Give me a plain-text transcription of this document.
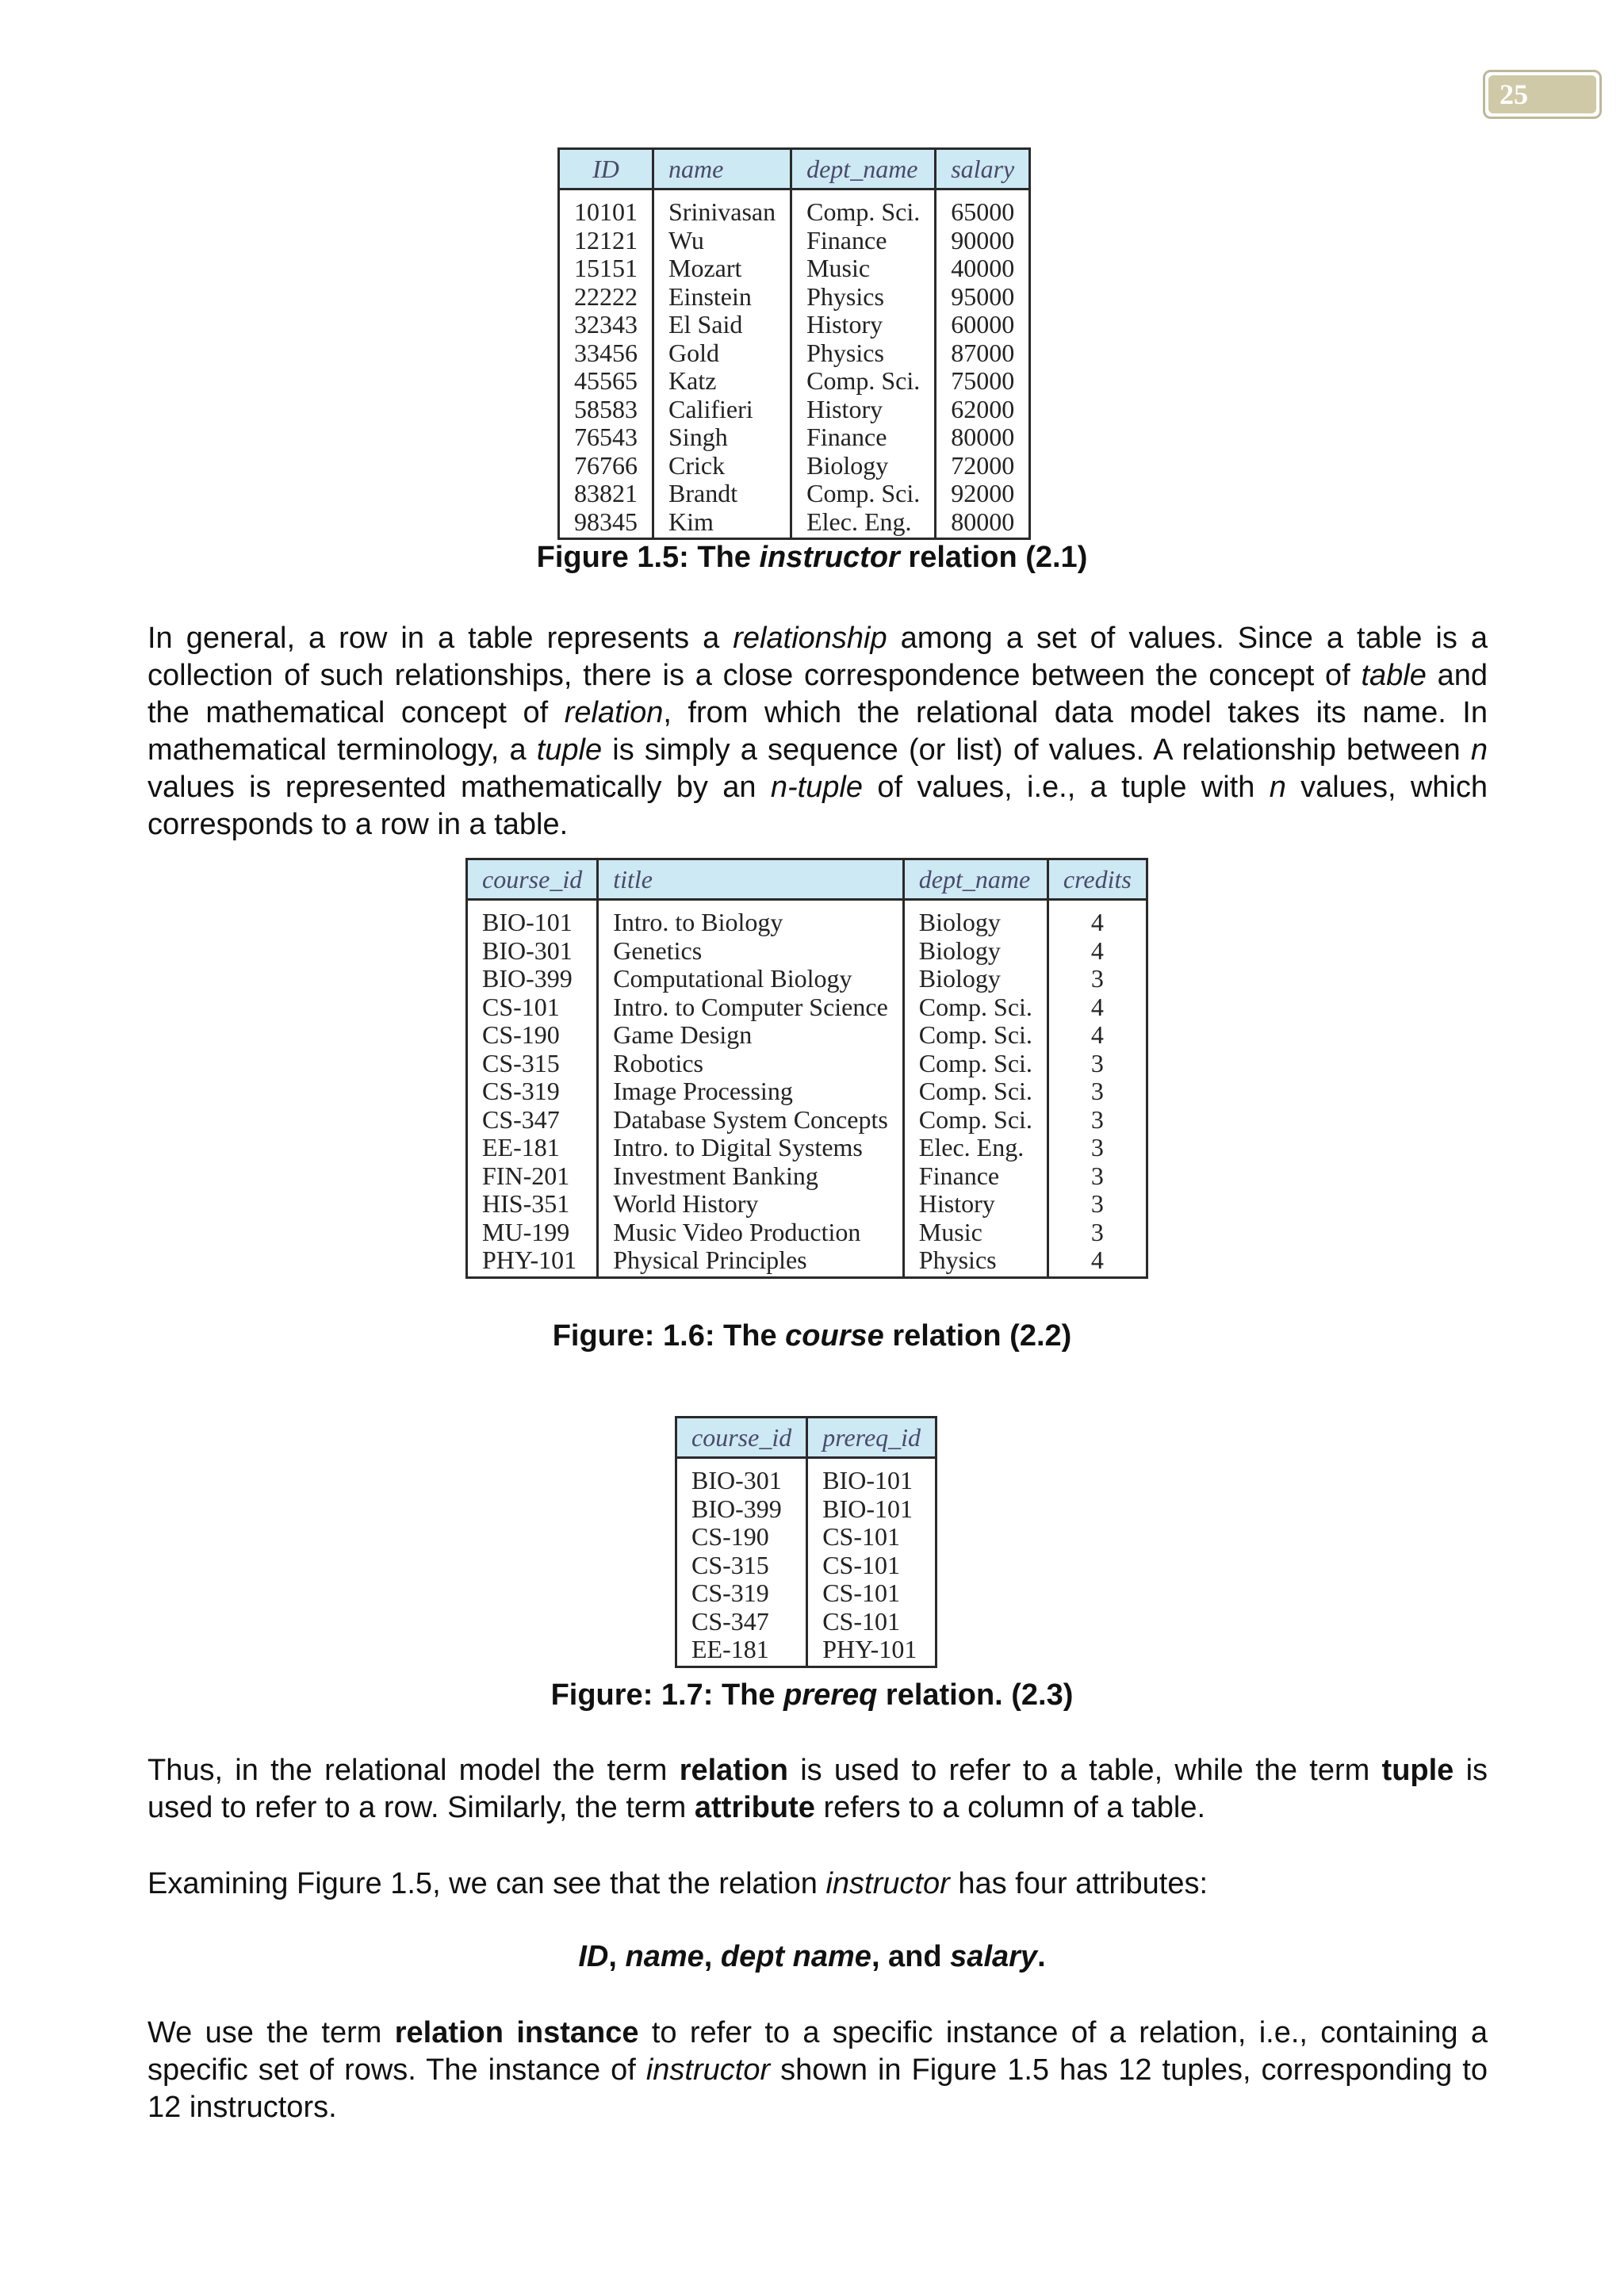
25
ID	name	dept_name	salary
10101	Srinivasan	Comp. Sci.	65000
12121	Wu	Finance	90000
15151	Mozart	Music	40000
22222	Einstein	Physics	95000
32343	El Said	History	60000
33456	Gold	Physics	87000
45565	Katz	Comp. Sci.	75000
58583	Califieri	History	62000
76543	Singh	Finance	80000
76766	Crick	Biology	72000
83821	Brandt	Comp. Sci.	92000
98345	Kim	Elec. Eng.	80000
Figure 1.5: The instructor relation (2.1)

In general, a row in a table represents a relationship among a set of values. Since a table is a collection of such relationships, there is a close correspondence between the concept of table and the mathematical concept of relation, from which the relational data model takes its name. In mathematical terminology, a tuple is simply a sequence (or list) of values. A relationship between n values is represented mathematically by an n-tuple of values, i.e., a tuple with n values, which corresponds to a row in a table.

course_id	title	dept_name	credits
BIO-101	Intro. to Biology	Biology	4
BIO-301	Genetics	Biology	4
BIO-399	Computational Biology	Biology	3
CS-101	Intro. to Computer Science	Comp. Sci.	4
CS-190	Game Design	Comp. Sci.	4
CS-315	Robotics	Comp. Sci.	3
CS-319	Image Processing	Comp. Sci.	3
CS-347	Database System Concepts	Comp. Sci.	3
EE-181	Intro. to Digital Systems	Elec. Eng.	3
FIN-201	Investment Banking	Finance	3
HIS-351	World History	History	3
MU-199	Music Video Production	Music	3
PHY-101	Physical Principles	Physics	4
Figure: 1.6: The course relation (2.2)
course_id	prereq_id
BIO-301	BIO-101
BIO-399	BIO-101
CS-190	CS-101
CS-315	CS-101
CS-319	CS-101
CS-347	CS-101
EE-181	PHY-101
Figure: 1.7: The prereq relation. (2.3)

Thus, in the relational model the term relation is used to refer to a table, while the term tuple is used to refer to a row. Similarly, the term attribute refers to a column of a table.

Examining Figure 1.5, we can see that the relation instructor has four attributes:

ID, name, dept name, and salary.

We use the term relation instance to refer to a specific instance of a relation, i.e., containing a specific set of rows. The instance of instructor shown in Figure 1.5 has 12 tuples, corresponding to 12 instructors.
